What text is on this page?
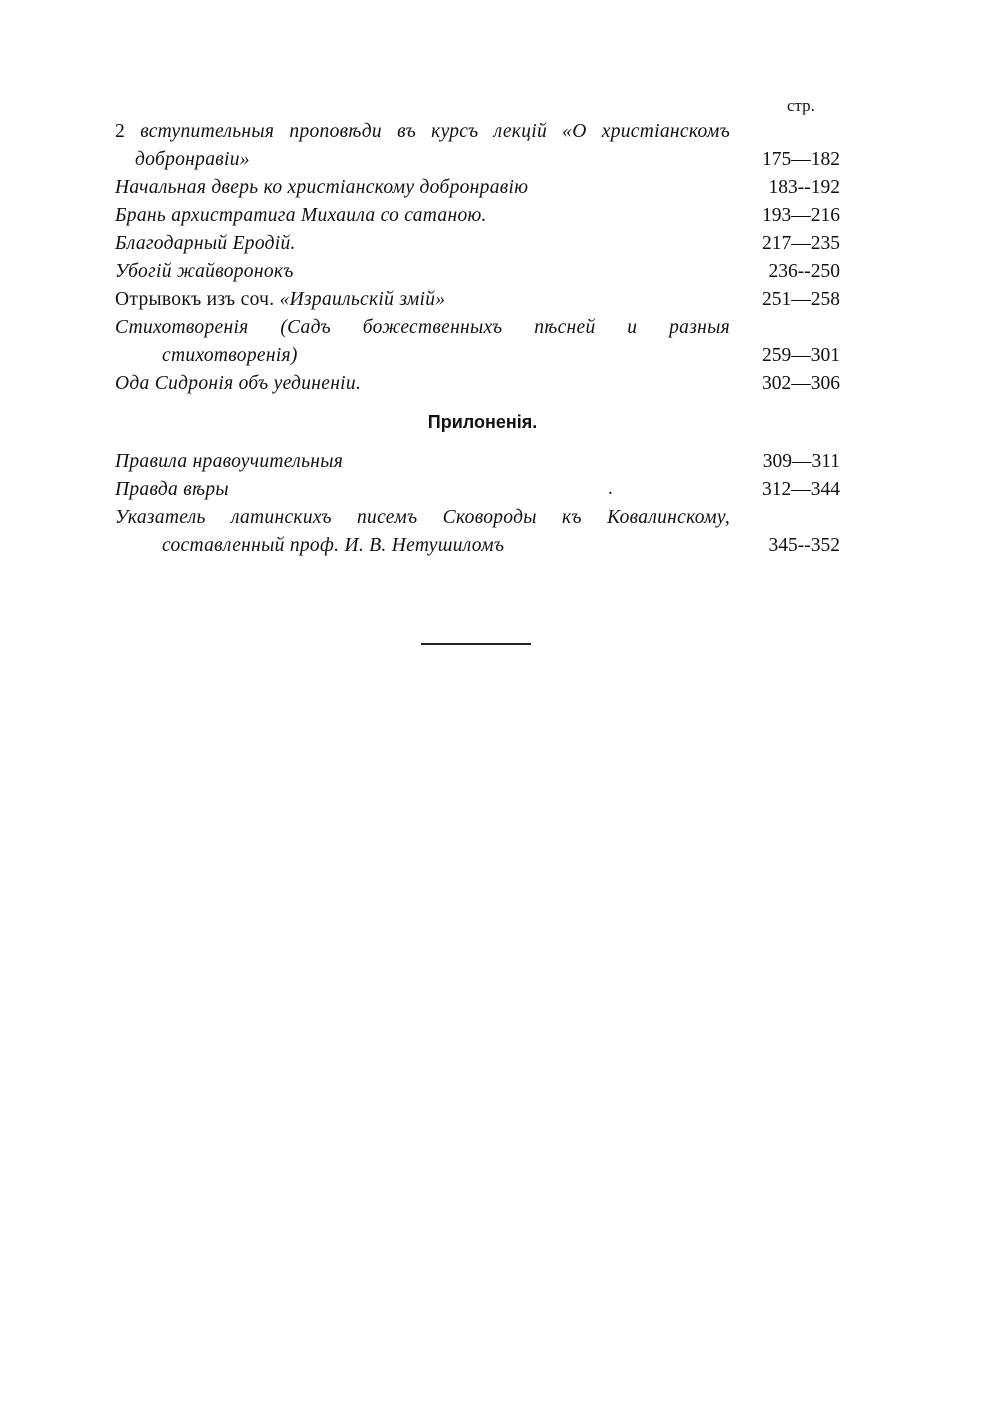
стр.
2 вступительныя проповѣди въ курсъ лекцій «О христіанскомъ добронравіи»	175—182
Начальная дверь ко христіанскому добронравію	183--192
Брань архистратига Михаила со сатаною.	193—216
Благодарный Еродій.	217—235
Убогій жайворонокъ	236--250
Отрывокъ изъ соч. «Израильскій змій»	251—258
Стихотворенія (Садъ божественныхъ пѣсней и разныя стихотворенія)	259—301
Ода Сидронія объ уединеніи.	302—306
Прилоненія.
Правила нравоучительныя	309—311
Правда вѣры	312—344
Указатель латинскихъ писемъ Сковороды къ Ковалинскому, составленный проф. И. В. Нетушиломъ	345--352
.
